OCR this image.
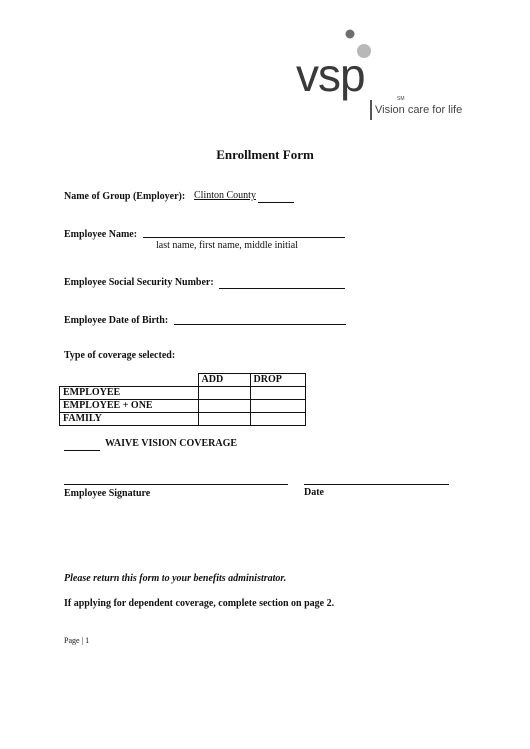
vsp	SM
Vision care for life
Enrollment Form
Name of Group (Employer): Clinton County
Employee Name:
last name, first name, middle initial
Employee Social Security Number:
Employee Date of Birth:
Type of coverage selected:
	ADD	DROP
EMPLOYEE		
EMPLOYEE + ONE		
FAMILY		
WAIVE VISION COVERAGE
Employee Signature	Date
Please return this form to your benefits administrator.
If applying for dependent coverage, complete section on page 2.
Page | 1
